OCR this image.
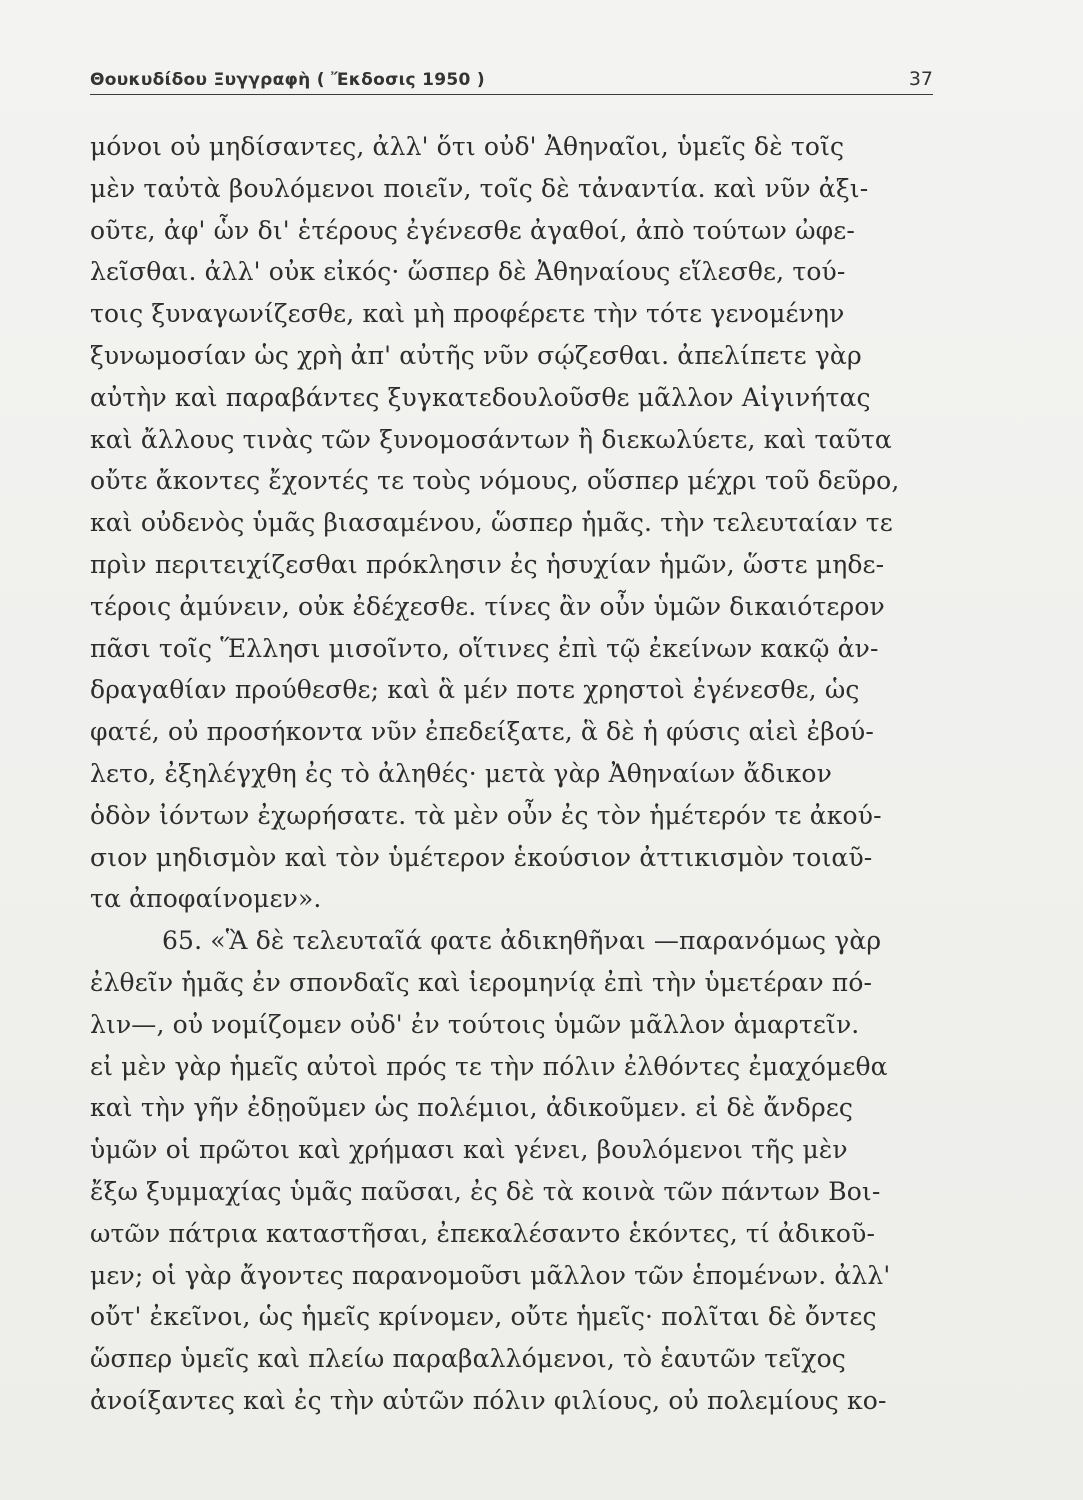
Θουκυδίδου Ξυγγραφὴ ( Ἔκδοσις 1950 )	37
μόνοι οὐ μηδίσαντες, ἀλλ' ὅτι οὐδ' Ἀθηναῖοι, ὑμεῖς δὲ τοῖς
μὲν ταὐτὰ βουλόμενοι ποιεῖν, τοῖς δὲ τἀναντία. καὶ νῦν ἀξι-
οῦτε, ἀφ' ὧν δι' ἑτέρους ἐγένεσθε ἀγαθοί, ἀπὸ τούτων ὠφε-
λεῖσθαι. ἀλλ' οὐκ εἰκός· ὥσπερ δὲ Ἀθηναίους εἵλεσθε, τού-
τοις ξυναγωνίζεσθε, καὶ μὴ προφέρετε τὴν τότε γενομένην
ξυνωμοσίαν ὡς χρὴ ἀπ' αὐτῆς νῦν σῴζεσθαι. ἀπελίπετε γὰρ
αὐτὴν καὶ παραβάντες ξυγκατεδουλοῦσθε μᾶλλον Αἰγινήτας
καὶ ἄλλους τινὰς τῶν ξυνομοσάντων ἢ διεκωλύετε, καὶ ταῦτα
οὔτε ἄκοντες ἔχοντές τε τοὺς νόμους, οὕσπερ μέχρι τοῦ δεῦρο,
καὶ οὐδενὸς ὑμᾶς βιασαμένου, ὥσπερ ἡμᾶς. τὴν τελευταίαν τε
πρὶν περιτειχίζεσθαι πρόκλησιν ἐς ἡσυχίαν ἡμῶν, ὥστε μηδε-
τέροις ἀμύνειν, οὐκ ἐδέχεσθε. τίνες ἂν οὖν ὑμῶν δικαιότερον
πᾶσι τοῖς Ἕλλησι μισοῖντο, οἵτινες ἐπὶ τῷ ἐκείνων κακῷ ἀν-
δραγαθίαν προύθεσθε; καὶ ἃ μέν ποτε χρηστοὶ ἐγένεσθε, ὡς
φατέ, οὐ προσήκοντα νῦν ἐπεδείξατε, ἃ δὲ ἡ φύσις αἰεὶ ἐβού-
λετο, ἐξηλέγχθη ἐς τὸ ἀληθές· μετὰ γὰρ Ἀθηναίων ἄδικον
ὁδὸν ἰόντων ἐχωρήσατε. τὰ μὲν οὖν ἐς τὸν ἡμέτερόν τε ἀκού-
σιον μηδισμὸν καὶ τὸν ὑμέτερον ἑκούσιον ἀττικισμὸν τοιαῦ-
τα ἀποφαίνομεν».
65. «Ἃ δὲ τελευταῖά φατε ἀδικηθῆναι —παρανόμως γὰρ
ἐλθεῖν ἡμᾶς ἐν σπονδαῖς καὶ ἱερομηνίᾳ ἐπὶ τὴν ὑμετέραν πό-
λιν—, οὐ νομίζομεν οὐδ' ἐν τούτοις ὑμῶν μᾶλλον ἁμαρτεῖν.
εἰ μὲν γὰρ ἡμεῖς αὐτοὶ πρός τε τὴν πόλιν ἐλθόντες ἐμαχόμεθα
καὶ τὴν γῆν ἐδῃοῦμεν ὡς πολέμιοι, ἀδικοῦμεν. εἰ δὲ ἄνδρες
ὑμῶν οἱ πρῶτοι καὶ χρήμασι καὶ γένει, βουλόμενοι τῆς μὲν
ἔξω ξυμμαχίας ὑμᾶς παῦσαι, ἐς δὲ τὰ κοινὰ τῶν πάντων Βοι-
ωτῶν πάτρια καταστῆσαι, ἐπεκαλέσαντο ἑκόντες, τί ἀδικοῦ-
μεν; οἱ γὰρ ἄγοντες παρανομοῦσι μᾶλλον τῶν ἑπομένων. ἀλλ'
οὔτ' ἐκεῖνοι, ὡς ἡμεῖς κρίνομεν, οὔτε ἡμεῖς· πολῖται δὲ ὄντες
ὥσπερ ὑμεῖς καὶ πλείω παραβαλλόμενοι, τὸ ἑαυτῶν τεῖχος
ἀνοίξαντες καὶ ἐς τὴν αὑτῶν πόλιν φιλίους, οὐ πολεμίους κο-
